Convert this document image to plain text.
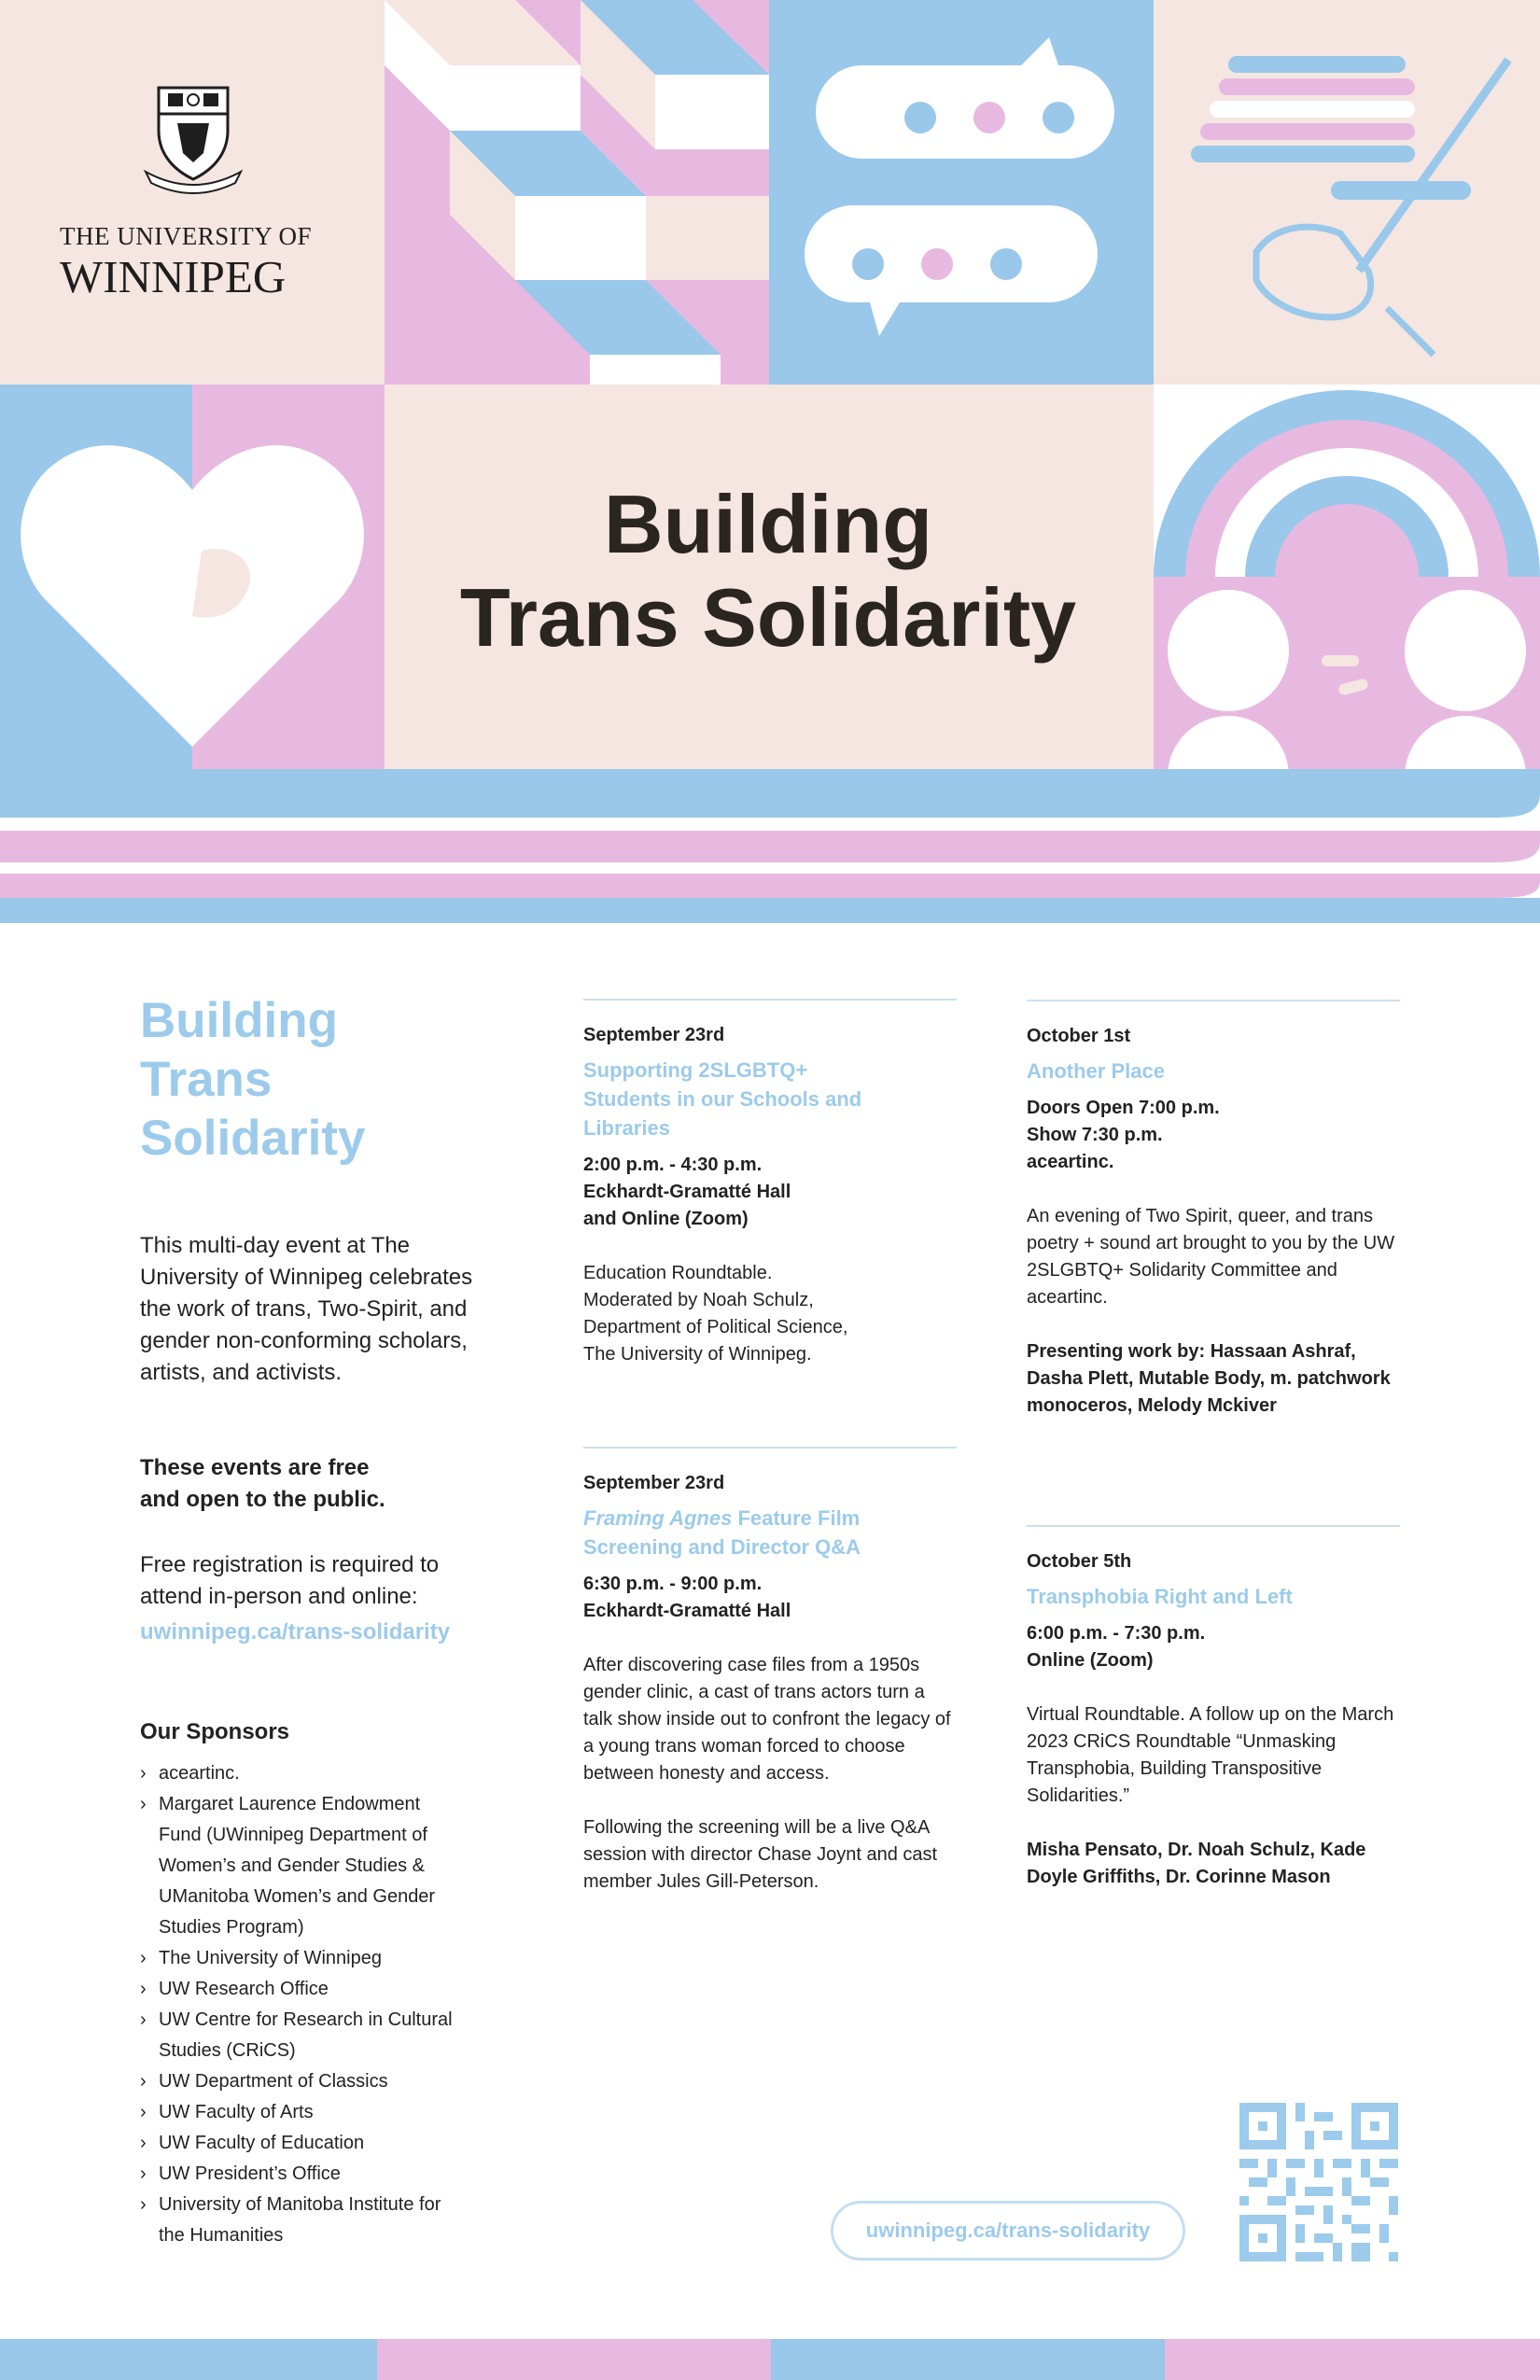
THE UNIVERSITY OF
WINNIPEG
Building
Trans Solidarity
Building
Trans
Solidarity
This multi-day event at The University of Winnipeg celebrates the work of trans, Two-Spirit, and gender non-conforming scholars, artists, and activists.
These events are free
and open to the public.
Free registration is required to attend in-person and online:
uwinnipeg.ca/trans-solidarity
Our Sponsors
› aceartinc.
› Margaret Laurence Endowment Fund (UWinnipeg Department of Women’s and Gender Studies & UManitoba Women’s and Gender Studies Program)
› The University of Winnipeg
› UW Research Office
› UW Centre for Research in Cultural Studies (CRiCS)
› UW Department of Classics
› UW Faculty of Arts
› UW Faculty of Education
› UW President’s Office
› University of Manitoba Institute for the Humanities
September 23rd
Supporting 2SLGBTQ+ Students in our Schools and Libraries
2:00 p.m. - 4:30 p.m.
Eckhardt-Gramatté Hall
and Online (Zoom)
Education Roundtable.
Moderated by Noah Schulz,
Department of Political Science,
The University of Winnipeg.
September 23rd
Framing Agnes Feature Film Screening and Director Q&A
6:30 p.m. - 9:00 p.m.
Eckhardt-Gramatté Hall
After discovering case files from a 1950s gender clinic, a cast of trans actors turn a talk show inside out to confront the legacy of a young trans woman forced to choose between honesty and access.
Following the screening will be a live Q&A session with director Chase Joynt and cast member Jules Gill-Peterson.
October 1st
Another Place
Doors Open 7:00 p.m.
Show 7:30 p.m.
aceartinc.
An evening of Two Spirit, queer, and trans poetry + sound art brought to you by the UW 2SLGBTQ+ Solidarity Committee and aceartinc.
Presenting work by: Hassaan Ashraf, Dasha Plett, Mutable Body, m. patchwork monoceros, Melody Mckiver
October 5th
Transphobia Right and Left
6:00 p.m. - 7:30 p.m.
Online (Zoom)
Virtual Roundtable. A follow up on the March 2023 CRiCS Roundtable “Unmasking Transphobia, Building Transpositive Solidarities.”
Misha Pensato, Dr. Noah Schulz, Kade Doyle Griffiths, Dr. Corinne Mason
uwinnipeg.ca/trans-solidarity
